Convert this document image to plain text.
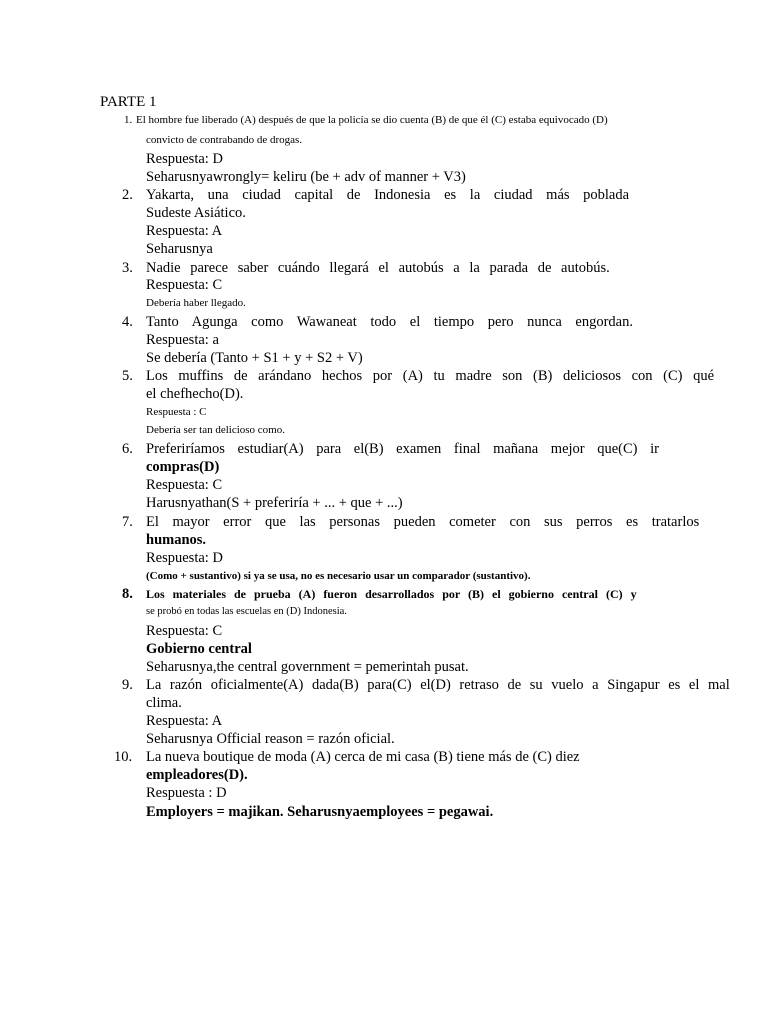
PARTE 1
1. El hombre fue liberado (A) después de que la policía se dio cuenta (B) de que él (C) estaba equivocado (D)
convicto de contrabando de drogas.
Respuesta: D
Seharusnyawrongly= keliru (be + adv of manner + V3)
2. Yakarta, una ciudad capital de Indonesia es la ciudad más poblada
Sudeste Asiático.
Respuesta: A
Seharusnya
3. Nadie parece saber cuándo llegará el autobús a la parada de autobús.
Respuesta: C
Debería haber llegado.
4. Tanto Agunga como Wawaneat todo el tiempo pero nunca engordan.
Respuesta: a
Se debería (Tanto + S1 + y + S2 + V)
5. Los muffins de arándano hechos por (A) tu madre son (B) deliciosos con (C) qué
el chefhecho(D).
Respuesta : C
Debería ser tan delicioso como.
6. Preferiríamos estudiar(A) para el(B) examen final mañana mejor que(C) ir
compras(D)
Respuesta: C
Harusnyathan(S + preferiría + ... + que + ...)
7. El mayor error que las personas pueden cometer con sus perros es tratarlos
humanos.
Respuesta: D
(Como + sustantivo) si ya se usa, no es necesario usar un comparador (sustantivo).
8. Los materiales de prueba (A) fueron desarrollados por (B) el gobierno central (C) y
se probó en todas las escuelas en (D) Indonesia.
Respuesta: C
Gobierno central
Seharusnya,the central government = pemerintah pusat.
9. La razón oficialmente(A) dada(B) para(C) el(D) retraso de su vuelo a Singapur es el mal
clima.
Respuesta: A
Seharusnya Official reason = razón oficial.
10. La nueva boutique de moda (A) cerca de mi casa (B) tiene más de (C) diez
empleadores(D).
Respuesta : D
Employers = majikan. Seharusnyaemployees = pegawai.
